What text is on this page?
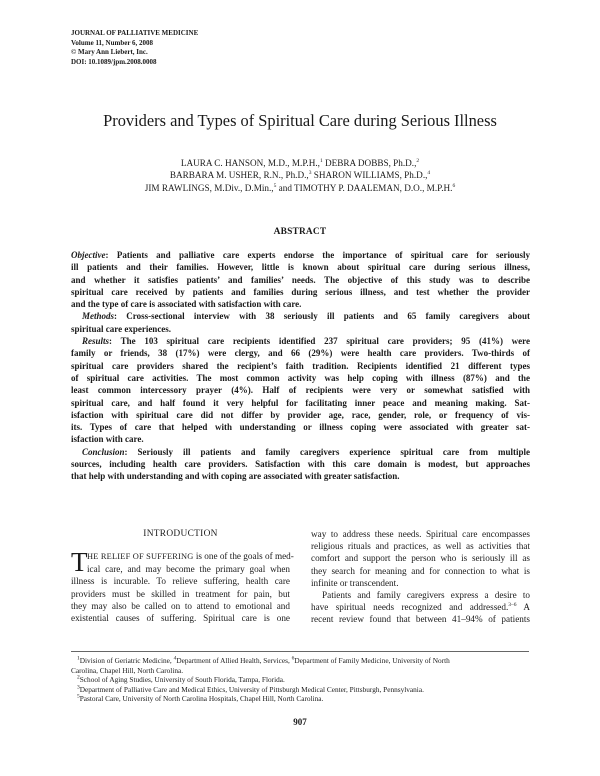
JOURNAL OF PALLIATIVE MEDICINE
Volume 11, Number 6, 2008
© Mary Ann Liebert, Inc.
DOI: 10.1089/jpm.2008.0008
Providers and Types of Spiritual Care during Serious Illness
LAURA C. HANSON, M.D., M.P.H.,$^1$ DEBRA DOBBS, Ph.D.,$^2$
BARBARA M. USHER, R.N., Ph.D.,$^3$ SHARON WILLIAMS, Ph.D.,$^4$
JIM RAWLINGS, M.Div., D.Min.,$^5$ and TIMOTHY P. DAALEMAN, D.O., M.P.H.$^6$
ABSTRACT
Objective: Patients and palliative care experts endorse the importance of spiritual care for seriously
ill patients and their families. However, little is known about spiritual care during serious illness,
and whether it satisfies patients’ and families’ needs. The objective of this study was to describe
spiritual care received by patients and families during serious illness, and test whether the provider
and the type of care is associated with satisfaction with care.
Methods: Cross-sectional interview with 38 seriously ill patients and 65 family caregivers about
spiritual care experiences.
Results: The 103 spiritual care recipients identified 237 spiritual care providers; 95 (41%) were
family or friends, 38 (17%) were clergy, and 66 (29%) were health care providers. Two-thirds of
spiritual care providers shared the recipient’s faith tradition. Recipients identified 21 different types
of spiritual care activities. The most common activity was help coping with illness (87%) and the
least common intercessory prayer (4%). Half of recipients were very or somewhat satisfied with
spiritual care, and half found it very helpful for facilitating inner peace and meaning making. Sat-
isfaction with spiritual care did not differ by provider age, race, gender, role, or frequency of vis-
its. Types of care that helped with understanding or illness coping were associated with greater sat-
isfaction with care.
Conclusion: Seriously ill patients and family caregivers experience spiritual care from multiple
sources, including health care providers. Satisfaction with this care domain is modest, but approaches
that help with understanding and with coping are associated with greater satisfaction.
INTRODUCTION
T HE RELIEF OF SUFFERING is one of the goals of med-
ical care, and may become the primary goal when
illness is incurable. To relieve suffering, health care
providers must be skilled in treatment for pain, but
they may also be called on to attend to emotional and
existential causes of suffering. Spiritual care is one
way to address these needs. Spiritual care encompasses
religious rituals and practices, as well as activities that
comfort and support the person who is seriously ill as
they search for meaning and for connection to what is
infinite or transcendent.
Patients and family caregivers express a desire to
have spiritual needs recognized and addressed.$^{3-6}$ A
recent review found that between 41–94% of patients
$^1$Division of Geriatric Medicine, $^4$Department of Allied Health, Services, $^6$Department of Family Medicine, University of North
Carolina, Chapel Hill, North Carolina.
$^2$School of Aging Studies, University of South Florida, Tampa, Florida.
$^3$Department of Palliative Care and Medical Ethics, University of Pittsburgh Medical Center, Pittsburgh, Pennsylvania.
$^5$Pastoral Care, University of North Carolina Hospitals, Chapel Hill, North Carolina.
907
